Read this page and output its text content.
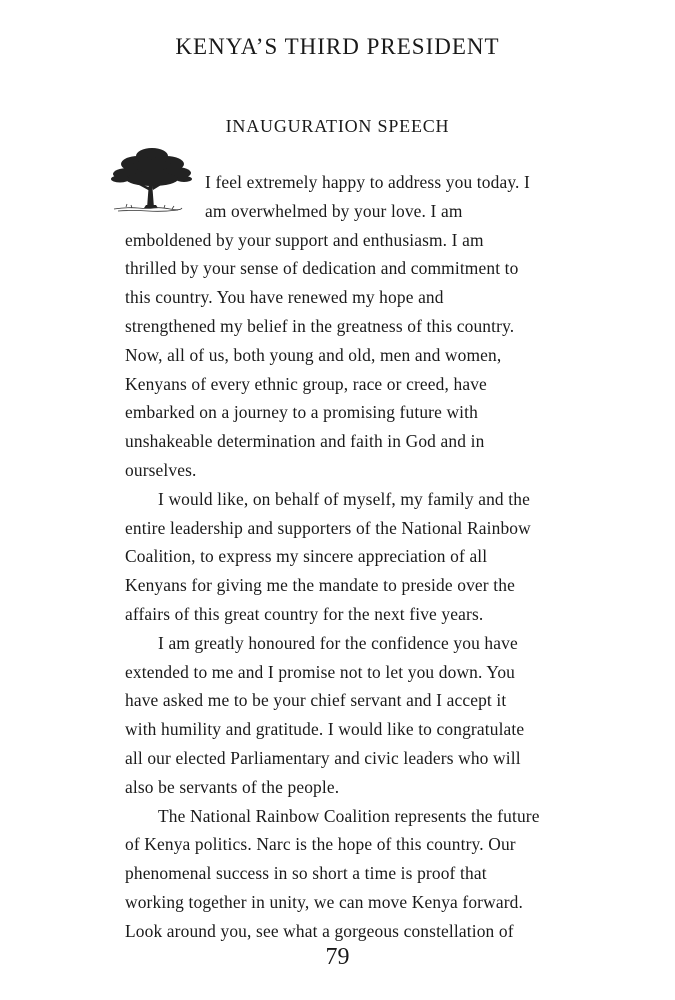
KENYA’S THIRD PRESIDENT
INAUGURATION SPEECH
I feel extremely happy to address you today. I
am overwhelmed by your love. I am
emboldened by your support and enthusiasm. I am
thrilled by your sense of dedication and commitment to
this country. You have renewed my hope and
strengthened my belief in the greatness of this country.
Now, all of us, both young and old, men and women,
Kenyans of every ethnic group, race or creed, have
embarked on a journey to a promising future with
unshakeable determination and faith in God and in
ourselves.
I would like, on behalf of myself, my family and the
entire leadership and supporters of the National Rainbow
Coalition, to express my sincere appreciation of all
Kenyans for giving me the mandate to preside over the
affairs of this great country for the next five years.
I am greatly honoured for the confidence you have
extended to me and I promise not to let you down. You
have asked me to be your chief servant and I accept it
with humility and gratitude. I would like to congratulate
all our elected Parliamentary and civic leaders who will
also be servants of the people.
The National Rainbow Coalition represents the future
of Kenya politics. Narc is the hope of this country. Our
phenomenal success in so short a time is proof that
working together in unity, we can move Kenya forward.
Look around you, see what a gorgeous constellation of
79
